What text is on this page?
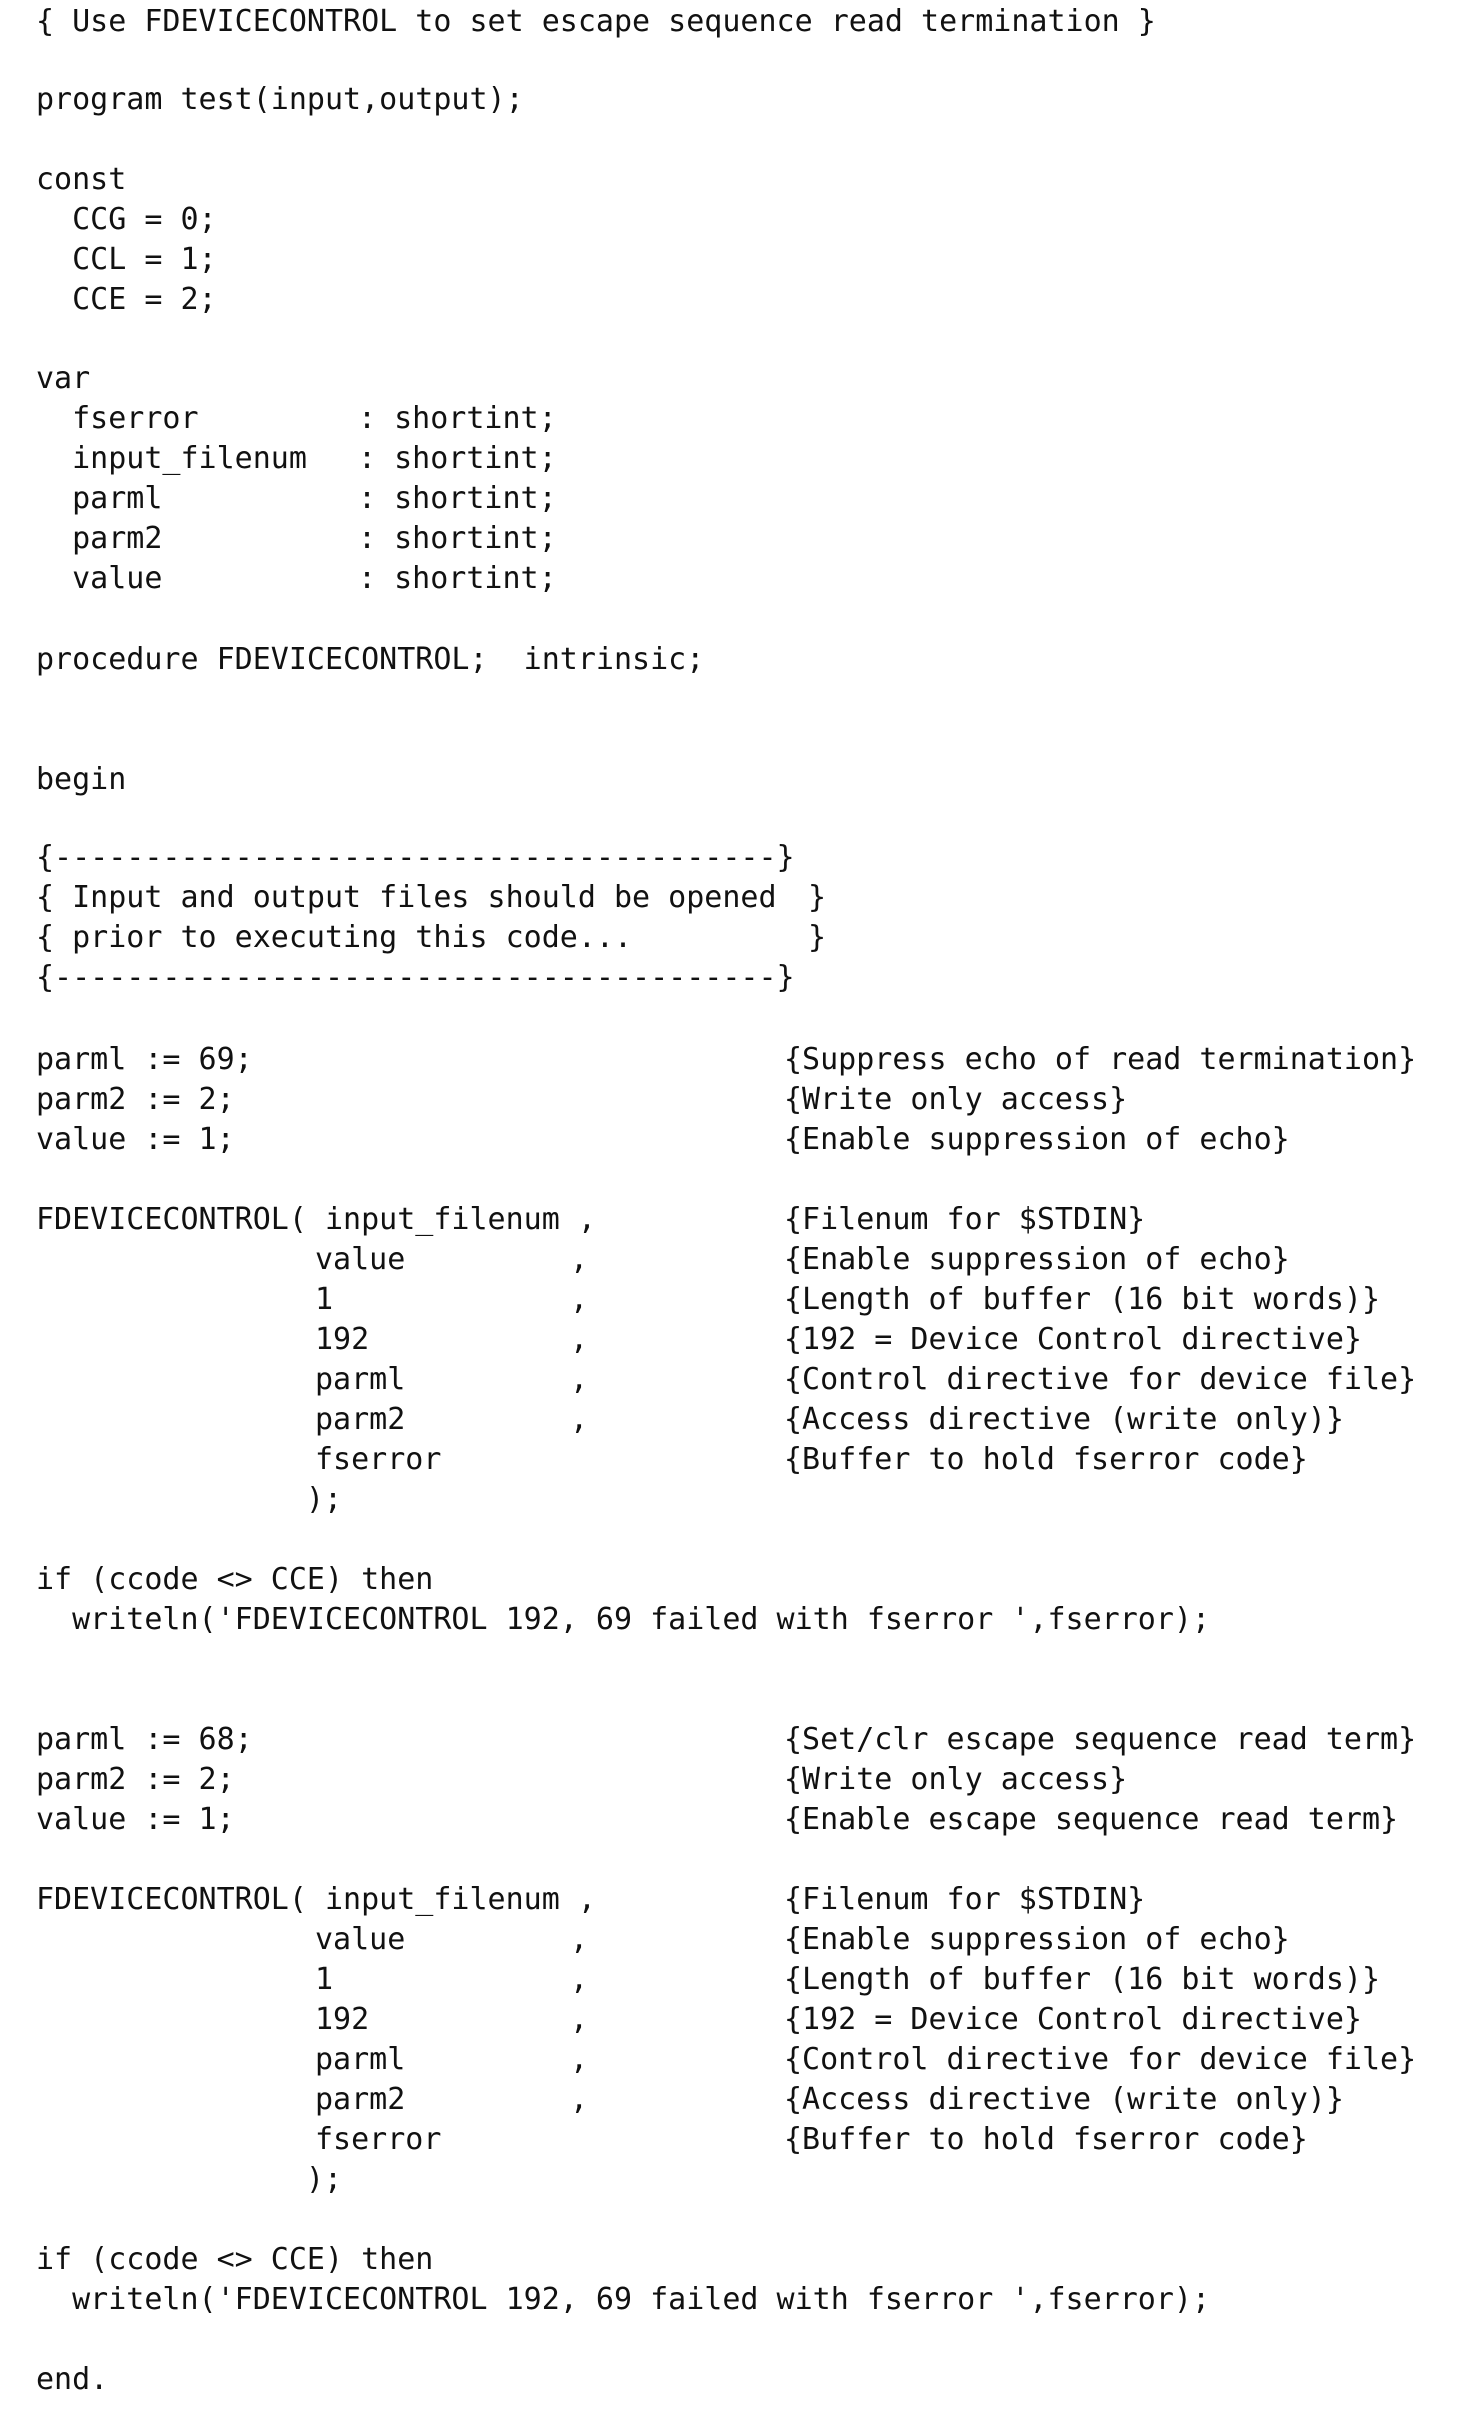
{ Use FDEVICECONTROL to set escape sequence read termination }
program test(input,output);
const
CCG = 0;
CCL = 1;
CCE = 2;
var
fserror	: shortint;
input_filenum : shortint;
parml	: shortint;
parm2	: shortint;
value	: shortint;
procedure FDEVICECONTROL;  intrinsic;
begin
{----------------------------------------}
{ Input and output files should be opened }
{ prior to executing this code...	}
{----------------------------------------}
parml := 69;	{Suppress echo of read termination}
parm2 := 2;	{Write only access}
value := 1;	{Enable suppression of echo}
FDEVICECONTROL( input_filenum ,	{Filenum for $STDIN}
value	,	{Enable suppression of echo}
1	,	{Length of buffer (16 bit words)}
192	,	{192 = Device Control directive}
parml	,	{Control directive for device file}
parm2	,	{Access directive (write only)}
fserror	{Buffer to hold fserror code}
);
if (ccode <> CCE) then
writeln('FDEVICECONTROL 192, 69 failed with fserror ',fserror);
parml := 68;	{Set/clr escape sequence read term}
parm2 := 2;	{Write only access}
value := 1;	{Enable escape sequence read term}
FDEVICECONTROL( input_filenum ,	{Filenum for $STDIN}
value	,	{Enable suppression of echo}
1	,	{Length of buffer (16 bit words)}
192	,	{192 = Device Control directive}
parml	,	{Control directive for device file}
parm2	,	{Access directive (write only)}
fserror	{Buffer to hold fserror code}
);
if (ccode <> CCE) then
writeln('FDEVICECONTROL 192, 69 failed with fserror ',fserror);
end.
